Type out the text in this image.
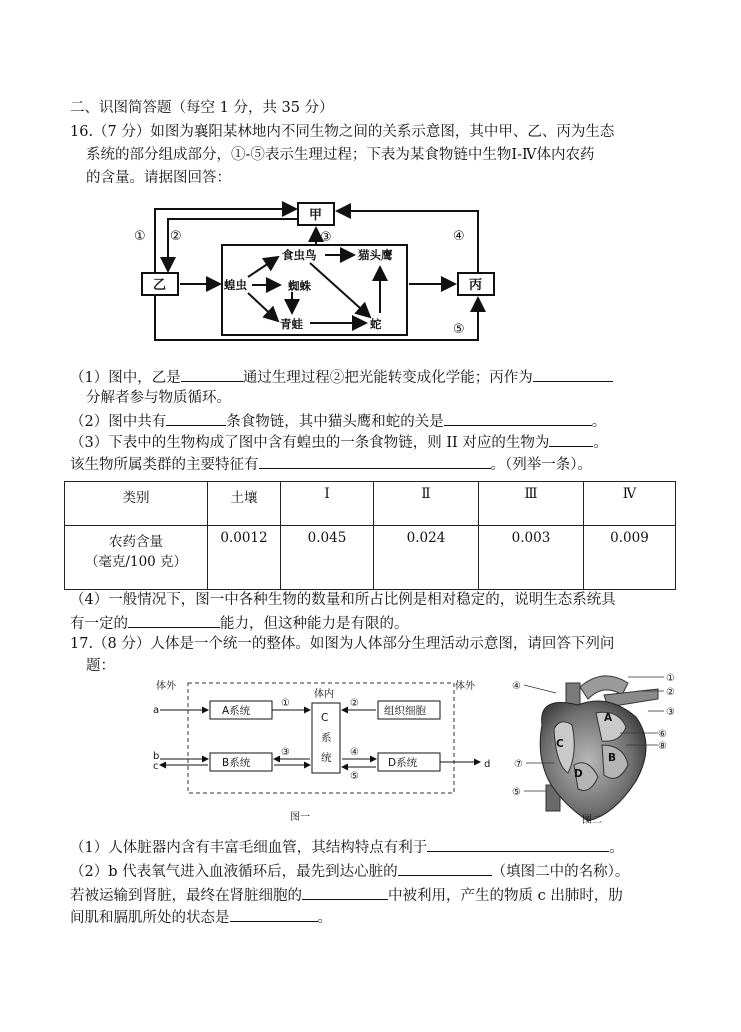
二、识图简答题（每空 1 分，共 35 分）
16.（7 分）如图为襄阳某林地内不同生物之间的关系示意图，其中甲、乙、丙为生态
系统的部分组成部分，①-⑤表示生理过程；下表为某食物链中生物Ⅰ-Ⅳ体内农药
的含量。请据图回答：
甲
乙	丙
蝗虫
食虫鸟	猫头鹰
蜘蛛
青蛙	蛇
① ②	③	④
⑤
（1）图中，乙是	通过生理过程②把光能转变成化学能；丙作为
分解者参与物质循环。
（2）图中共有	条食物链，其中猫头鹰和蛇的关是	。
（3）下表中的生物构成了图中含有蝗虫的一条食物链，则 II 对应的生物为	。
该生物所属类群的主要特征有	。（列举一条）。
类别	土壤	Ⅰ	Ⅱ	Ⅲ	Ⅳ

农药含量
（毫克/100 克）	0.0012	0.045	0.024	0.003	0.009
（4）一般情况下，图一中各种生物的数量和所占比例是相对稳定的，说明生态系统具
有一定的	能力，但这种能力是有限的。
17.（8 分）人体是一个统一的整体。如图为人体部分生理活动示意图，请回答下列问
题：
体外
体内
体外
a
b
c	d
A系统
B系统
C
系
统	D系统
组织细胞
①	②
③	④
⑤
图一
A
B
C
D
①
②
③
④
⑤
⑥
⑦
⑧
图二
（1）人体脏器内含有丰富毛细血管，其结构特点有利于	。
（2）b 代表氧气进入血液循环后，最先到达心脏的	（填图二中的名称）。
若被运输到肾脏，最终在肾脏细胞的	中被利用，产生的物质 c 出肺时，肋
间肌和膈肌所处的状态是	。
